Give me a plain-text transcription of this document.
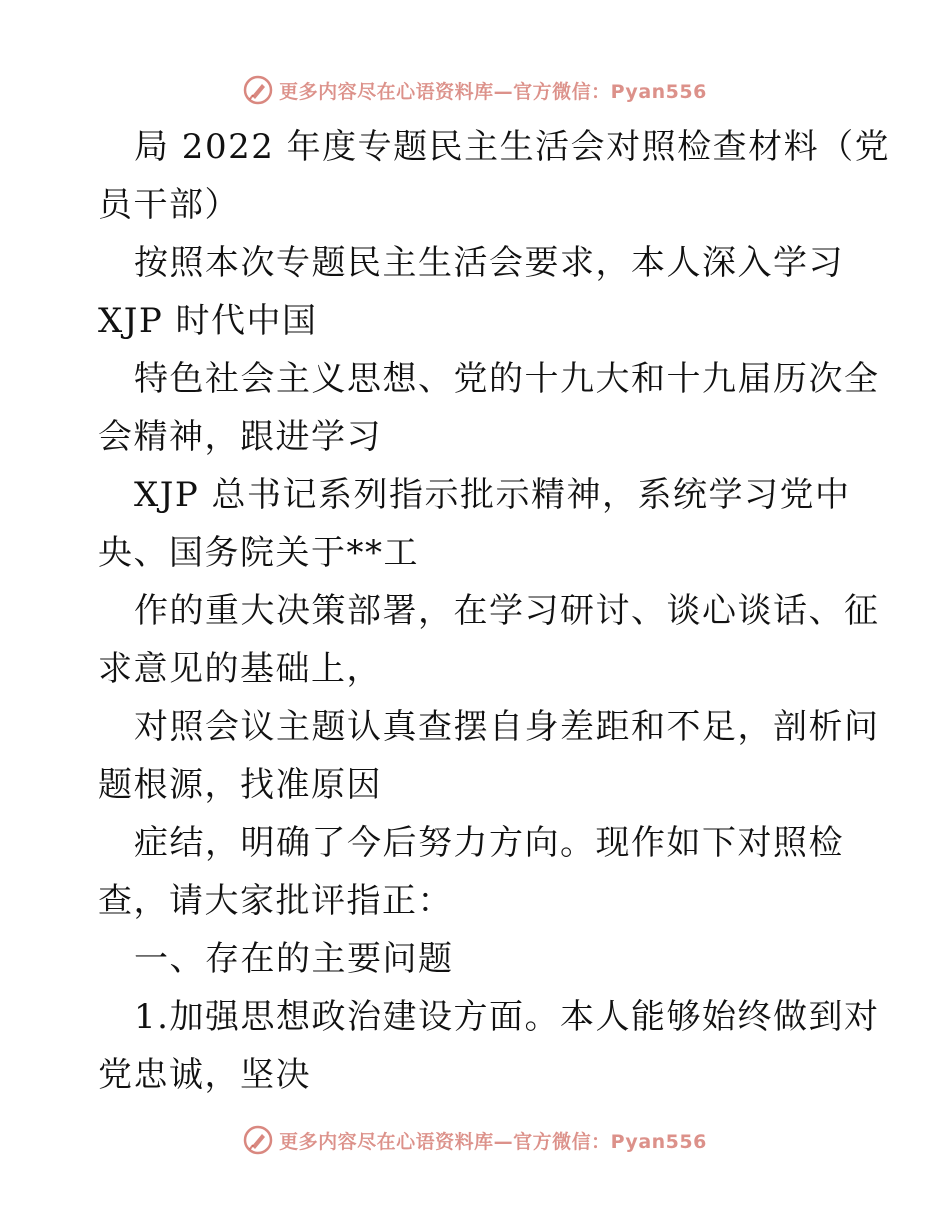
更多内容尽在心语资料库—官方微信：Pyan556
局 2022 年度专题民主生活会对照检查材料（党
员干部）
按照本次专题民主生活会要求，本人深入学习
XJP 时代中国
特色社会主义思想、党的十九大和十九届历次全
会精神，跟进学习
XJP 总书记系列指示批示精神，系统学习党中
央、国务院关于**工
作的重大决策部署，在学习研讨、谈心谈话、征
求意见的基础上，
对照会议主题认真查摆自身差距和不足，剖析问
题根源，找准原因
症结，明确了今后努力方向。现作如下对照检
查，请大家批评指正：
一、存在的主要问题
1.加强思想政治建设方面。本人能够始终做到对
党忠诚，坚决
更多内容尽在心语资料库—官方微信：Pyan556
